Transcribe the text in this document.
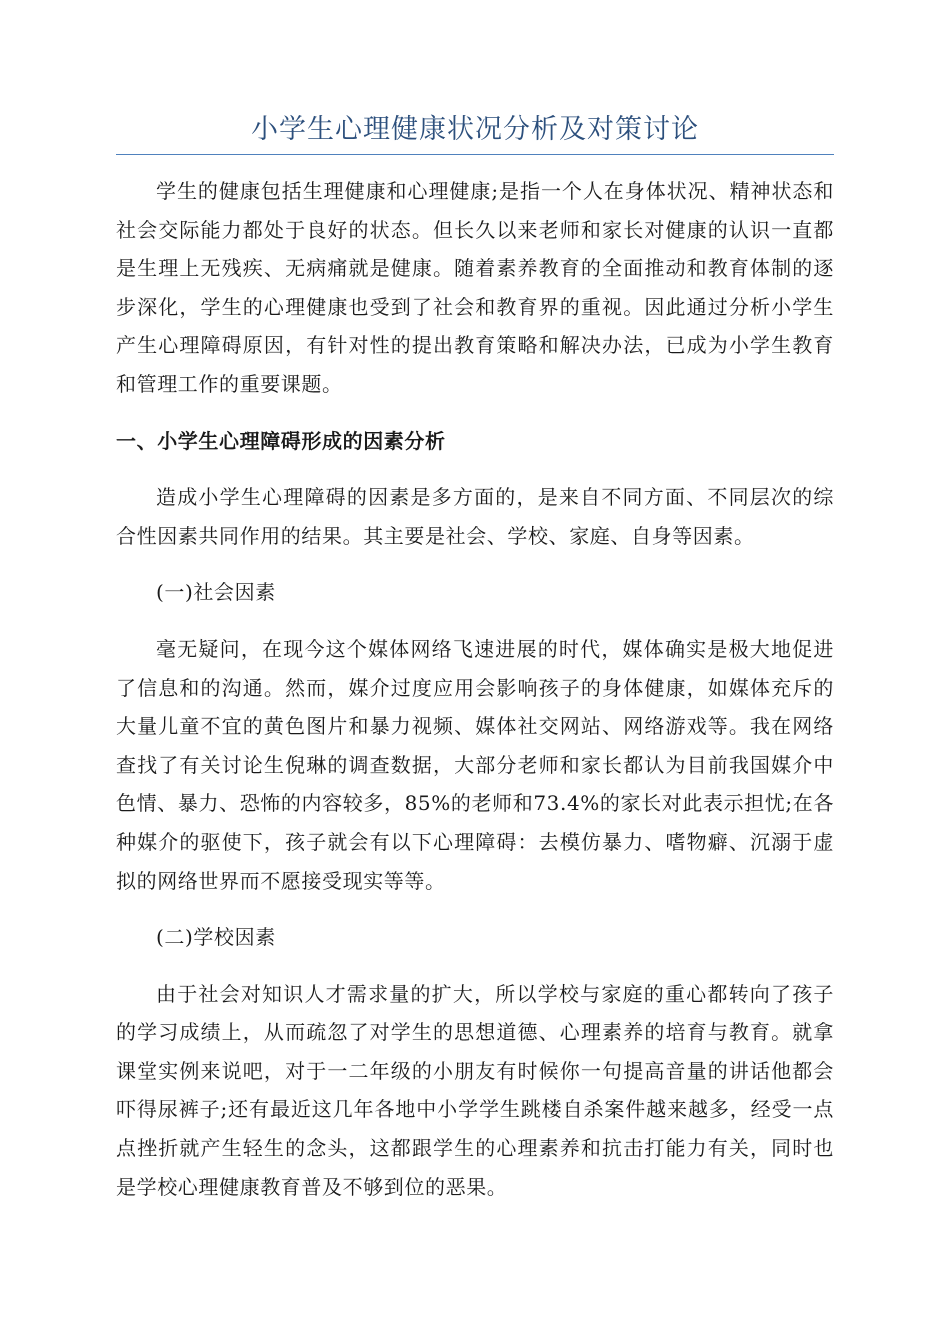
小学生心理健康状况分析及对策讨论

学生的健康包括生理健康和心理健康;是指一个人在身体状况、精神状态和社会交际能力都处于良好的状态。但长久以来老师和家长对健康的认识一直都是生理上无残疾、无病痛就是健康。随着素养教育的全面推动和教育体制的逐步深化，学生的心理健康也受到了社会和教育界的重视。因此通过分析小学生产生心理障碍原因，有针对性的提出教育策略和解决办法，已成为小学生教育和管理工作的重要课题。

一、小学生心理障碍形成的因素分析

造成小学生心理障碍的因素是多方面的，是来自不同方面、不同层次的综合性因素共同作用的结果。其主要是社会、学校、家庭、自身等因素。

(一)社会因素

毫无疑问，在现今这个媒体网络飞速进展的时代，媒体确实是极大地促进了信息和的沟通。然而，媒介过度应用会影响孩子的身体健康，如媒体充斥的大量儿童不宜的黄色图片和暴力视频、媒体社交网站、网络游戏等。我在网络查找了有关讨论生倪琳的调查数据，大部分老师和家长都认为目前我国媒介中色情、暴力、恐怖的内容较多，85%的老师和73.4%的家长对此表示担忧;在各种媒介的驱使下，孩子就会有以下心理障碍：去模仿暴力、嗜物癖、沉溺于虚拟的网络世界而不愿接受现实等等。

(二)学校因素

由于社会对知识人才需求量的扩大，所以学校与家庭的重心都转向了孩子的学习成绩上，从而疏忽了对学生的思想道德、心理素养的培育与教育。就拿课堂实例来说吧，对于一二年级的小朋友有时候你一句提高音量的讲话他都会吓得尿裤子;还有最近这几年各地中小学学生跳楼自杀案件越来越多，经受一点点挫折就产生轻生的念头，这都跟学生的心理素养和抗击打能力有关，同时也是学校心理健康教育普及不够到位的恶果。
